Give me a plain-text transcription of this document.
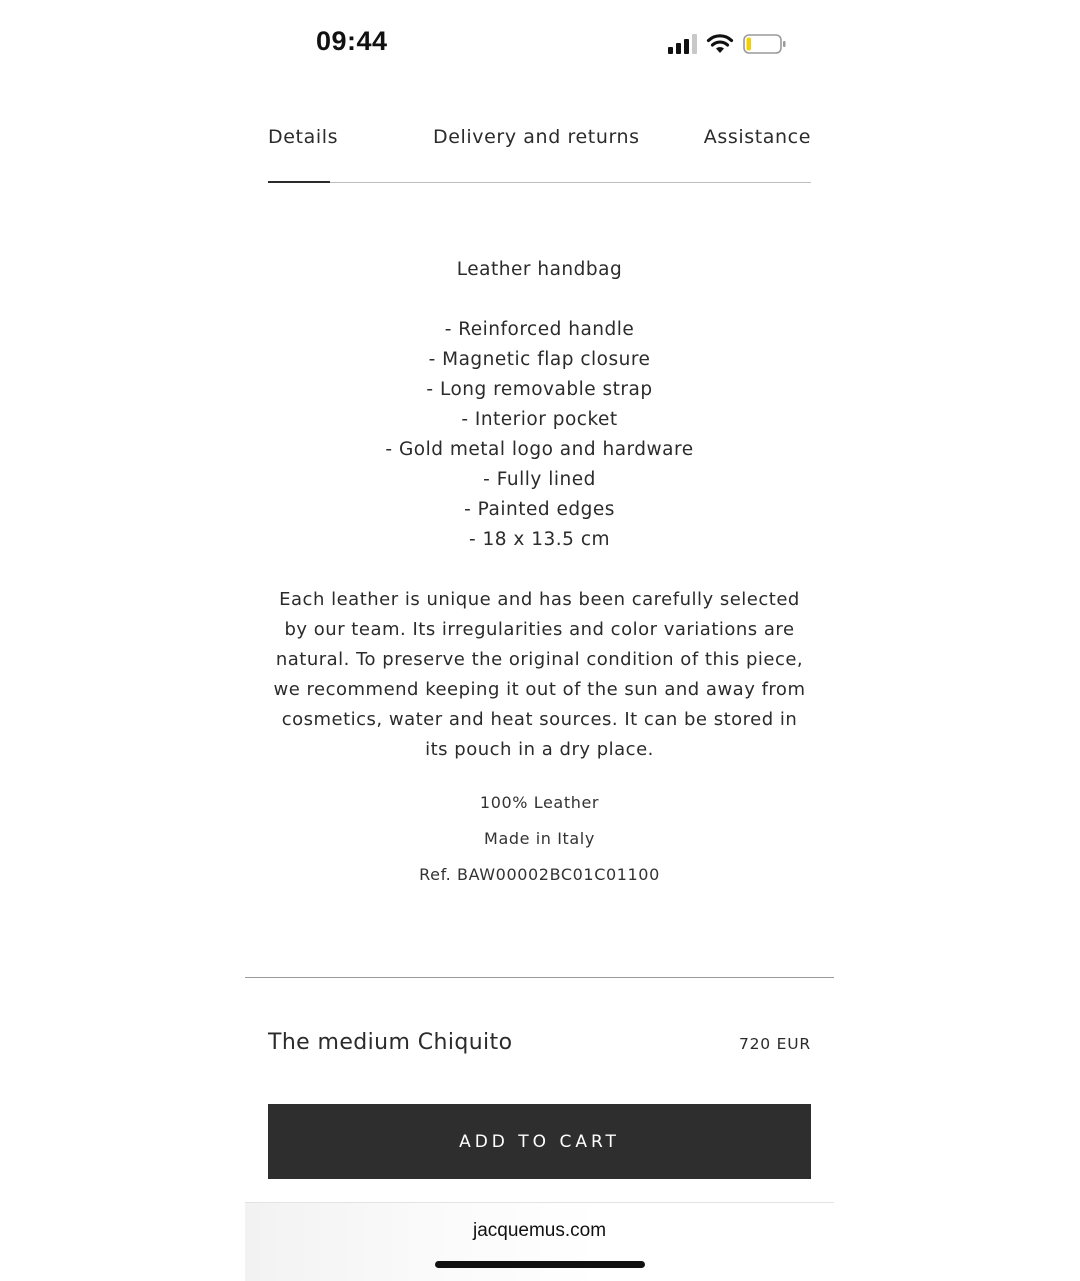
09:44
Details	Delivery and returns	Assistance
Leather handbag
- Reinforced handle
- Magnetic flap closure
- Long removable strap
- Interior pocket
- Gold metal logo and hardware
- Fully lined
- Painted edges
- 18 x 13.5 cm
Each leather is unique and has been carefully selected by our team. Its irregularities and color variations are natural. To preserve the original condition of this piece, we recommend keeping it out of the sun and away from cosmetics, water and heat sources. It can be stored in its pouch in a dry place.
100% Leather
Made in Italy
Ref. BAW00002BC01C01100
The medium Chiquito	720 EUR
ADD TO CART
jacquemus.com
